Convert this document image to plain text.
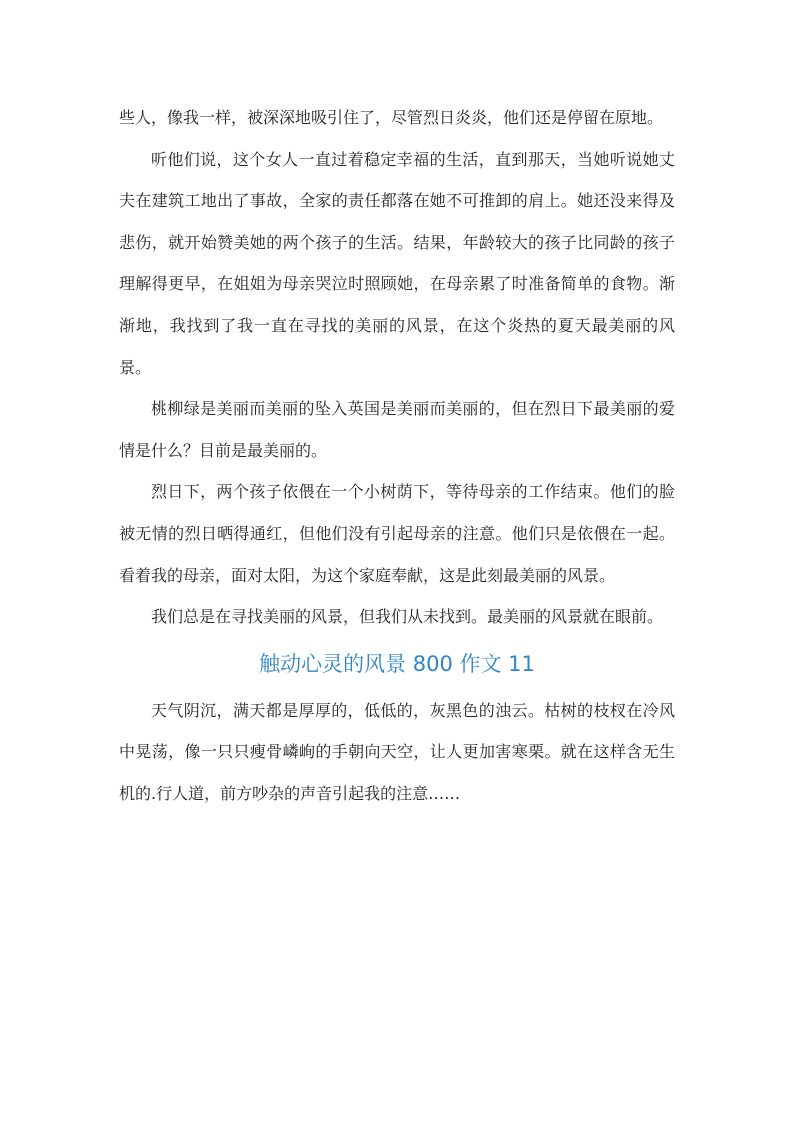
些人，像我一样，被深深地吸引住了，尽管烈日炎炎，他们还是停留在原地。

听他们说，这个女人一直过着稳定幸福的生活，直到那天，当她听说她丈夫在建筑工地出了事故，全家的责任都落在她不可推卸的肩上。她还没来得及悲伤，就开始赞美她的两个孩子的生活。结果，年龄较大的孩子比同龄的孩子理解得更早，在姐姐为母亲哭泣时照顾她，在母亲累了时准备简单的食物。渐渐地，我找到了我一直在寻找的美丽的风景，在这个炎热的夏天最美丽的风景。

桃柳绿是美丽而美丽的坠入英国是美丽而美丽的，但在烈日下最美丽的爱情是什么？目前是最美丽的。

烈日下，两个孩子依偎在一个小树荫下，等待母亲的工作结束。他们的脸被无情的烈日晒得通红，但他们没有引起母亲的注意。他们只是依偎在一起。看着我的母亲，面对太阳，为这个家庭奉献，这是此刻最美丽的风景。

我们总是在寻找美丽的风景，但我们从未找到。最美丽的风景就在眼前。

触动心灵的风景 800 作文 11

天气阴沉，满天都是厚厚的，低低的，灰黑色的浊云。枯树的枝杈在冷风中晃荡，像一只只瘦骨嶙峋的手朝向天空，让人更加害寒栗。就在这样含无生机的.行人道，前方吵杂的声音引起我的注意……
